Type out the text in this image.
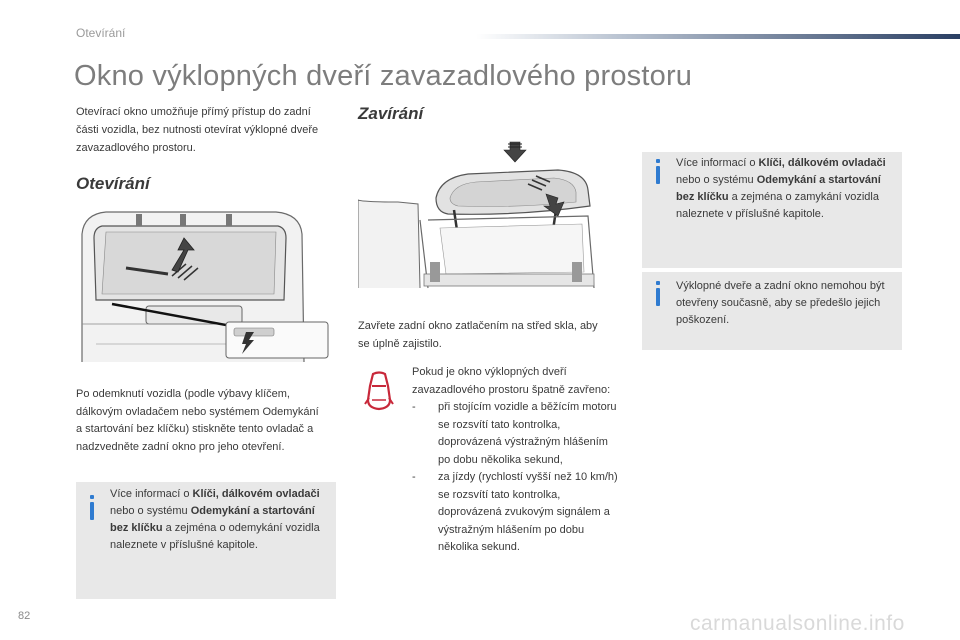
Otevírání
Okno výklopných dveří zavazadlového prostoru

Otevírací okno umožňuje přímý přístup do zadní části vozidla, bez nutnosti otevírat výklopné dveře zavazadlového prostoru.

Otevírání

Po odemknutí vozidla (podle výbavy klíčem, dálkovým ovladačem nebo systémem Odemykání a startování bez klíčku) stiskněte tento ovladač a nadzvedněte zadní okno pro jeho otevření.

Více informací o Klíči, dálkovém ovladači nebo o systému Odemykání a startování bez klíčku a zejména o odemykání vozidla naleznete v příslušné kapitole.

Zavírání

Zavřete zadní okno zatlačením na střed skla, aby se úplně zajistilo.

Pokud je okno výklopných dveří zavazadlového prostoru špatně zavřeno:

- při stojícím vozidle a běžícím motoru se rozsvítí tato kontrolka, doprovázená výstražným hlášením po dobu několika sekund,
- za jízdy (rychlostí vyšší než 10 km/h) se rozsvítí tato kontrolka, doprovázená zvukovým signálem a výstražným hlášením po dobu několika sekund.

Více informací o Klíči, dálkovém ovladači nebo o systému Odemykání a startování bez klíčku a zejména o zamykání vozidla naleznete v příslušné kapitole.

Výklopné dveře a zadní okno nemohou být otevřeny současně, aby se předešlo jejich poškození.

82	carmanualsonline.info
